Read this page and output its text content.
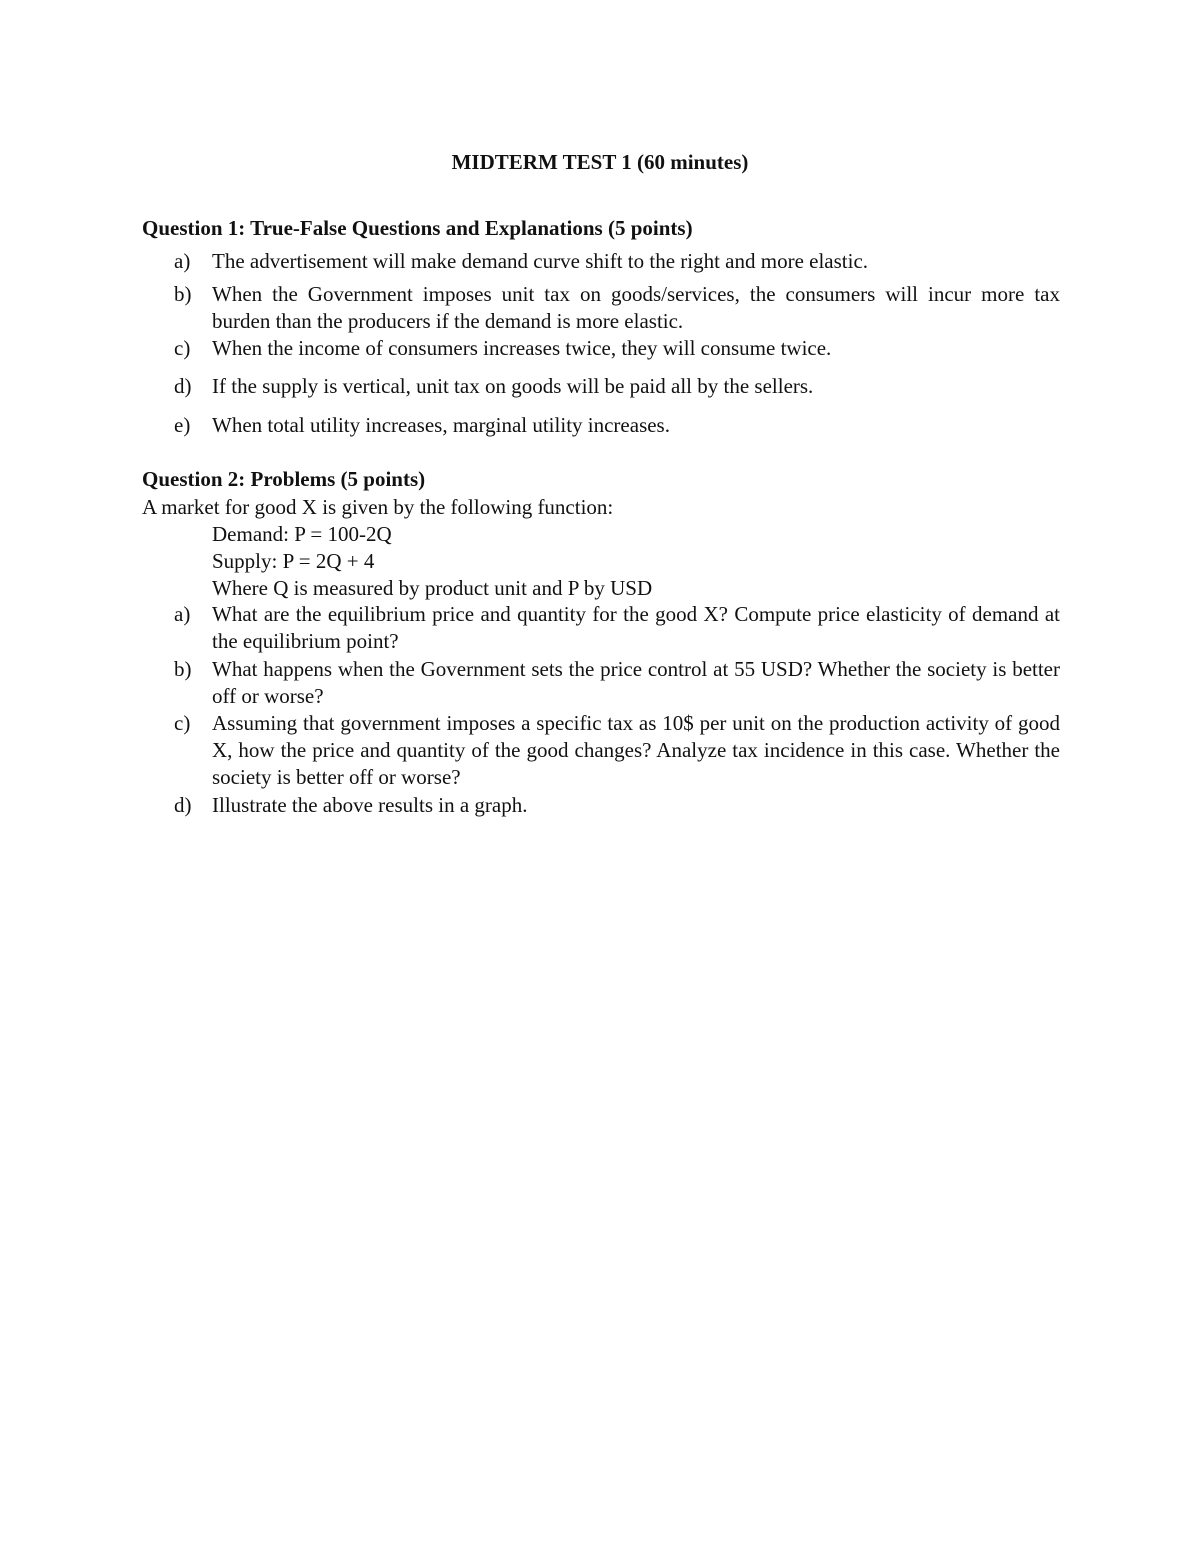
MIDTERM TEST 1 (60 minutes)
Question 1: True-False Questions and Explanations (5 points)
a)	The advertisement will make demand curve shift to the right and more elastic.
b) When the Government imposes unit tax on goods/services, the consumers will incur more tax burden than the producers if the demand is more elastic.
c)	When the income of consumers increases twice, they will consume twice.
d) If the supply is vertical, unit tax on goods will be paid all by the sellers.
e)	When total utility increases, marginal utility increases.
Question 2: Problems (5 points)
A market for good X is given by the following function:
Demand: P = 100-2Q
Supply: P = 2Q + 4
Where Q is measured by product unit and P by USD
a)	What are the equilibrium price and quantity for the good X? Compute price elasticity of demand at the equilibrium point?
b) What happens when the Government sets the price control at 55 USD? Whether the society is better off or worse?
c)	Assuming that government imposes a specific tax as 10$ per unit on the production activity of good X, how the price and quantity of the good changes? Analyze tax incidence in this case. Whether the society is better off or worse?
d) Illustrate the above results in a graph.
